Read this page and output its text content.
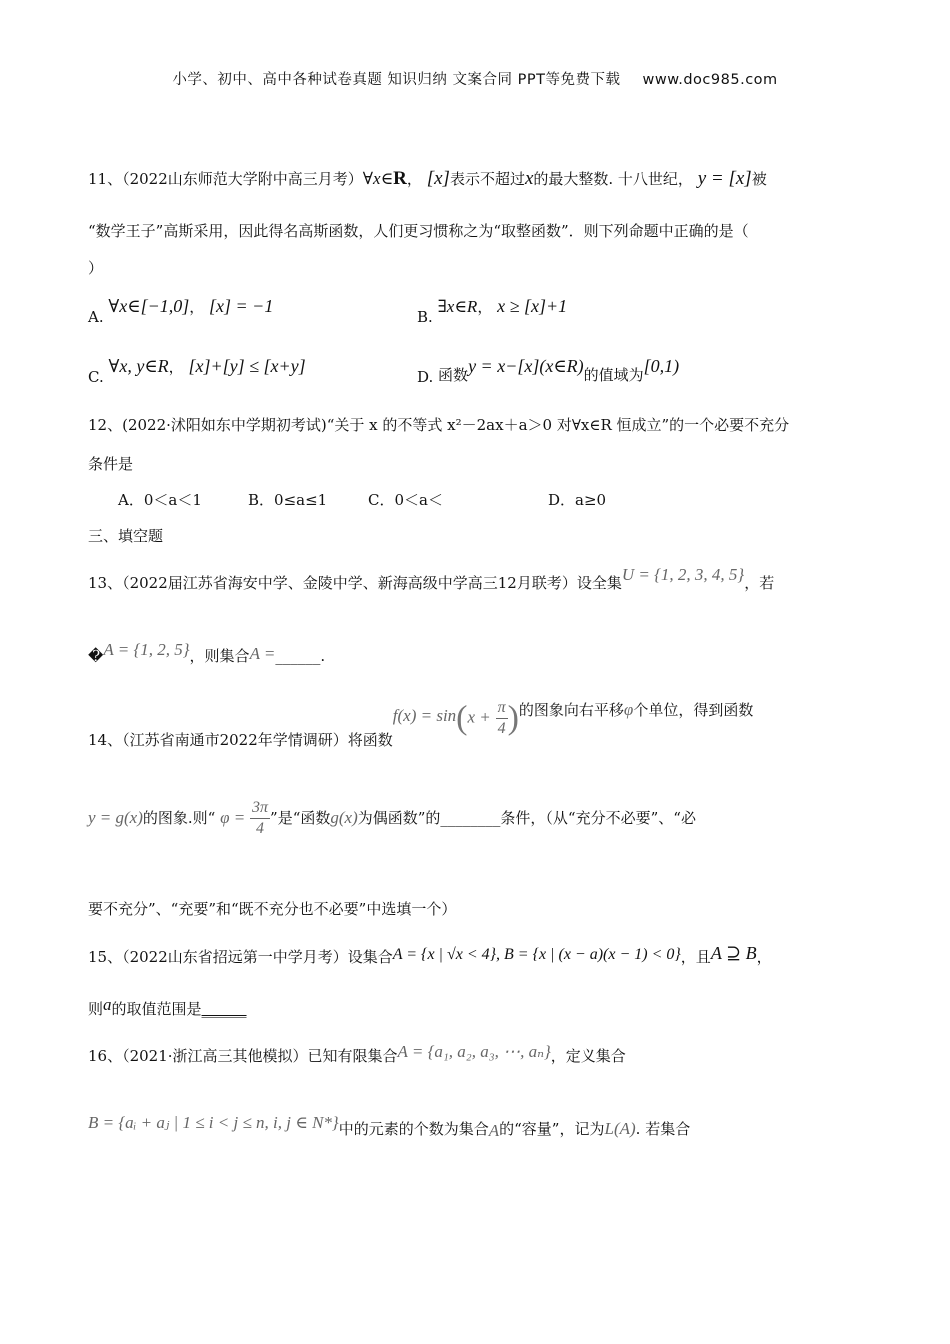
小学、初中、高中各种试卷真题 知识归纳 文案合同 PPT等免费下载 www.doc985.com
11、（2022山东师范大学附中高三月考）∀x∈R， [x]表示不超过x的最大整数. 十八世纪， y = [x]被
“数学王子”高斯采用，因此得名高斯函数，人们更习惯称之为“取整函数”．则下列命题中正确的是（
）
A. ∀x∈[−1,0]， [x] = −1
B. ∃x∈R， x ≥ [x]+1
C. ∀x, y∈R， [x]+[y] ≤ [x+y]
D. 函数y = x−[x](x∈R)的值域为[0,1)
12、(2022·沭阳如东中学期初考试)“关于 x 的不等式 x²－2ax＋a＞0 对∀x∈R 恒成立”的一个必要不充分
条件是
A．0＜a＜1	B．0≤a≤1	C．0＜a＜	D．a≥0
三、填空题
13、（2022届江苏省海安中学、金陵中学、新海高级中学高三12月联考）设全集U = {1, 2, 3, 4, 5}，若
�A = {1, 2, 5}，则集合A =______.
14、（江苏省南通市2022年学情调研）将函数$f(x) = \sin(x + \frac{\pi}{4}$ )的图象向右平移φ个单位，得到函数
y = g(x)的图象.则“ $\varphi = \frac{3\pi}{4}$ ”是“函数g(x)为偶函数”的________条件，（从“充分不必要”、“必
要不充分”、“充要”和“既不充分也不必要”中选填一个）
15、（2022山东省招远第一中学月考）设集合A = {x | √x < 4}, B = {x | (x − a)(x − 1) < 0}，且A ⊇ B，
则a的取值范围是______
16、（2021·浙江高三其他模拟）已知有限集合A = {a₁, a₂, a₃, ⋯, aₙ}，定义集合
B = {aᵢ + aⱼ | 1 ≤ i < j ≤ n, i, j ∈ N*}中的元素的个数为集合A的“容量”，记为L(A). 若集合
